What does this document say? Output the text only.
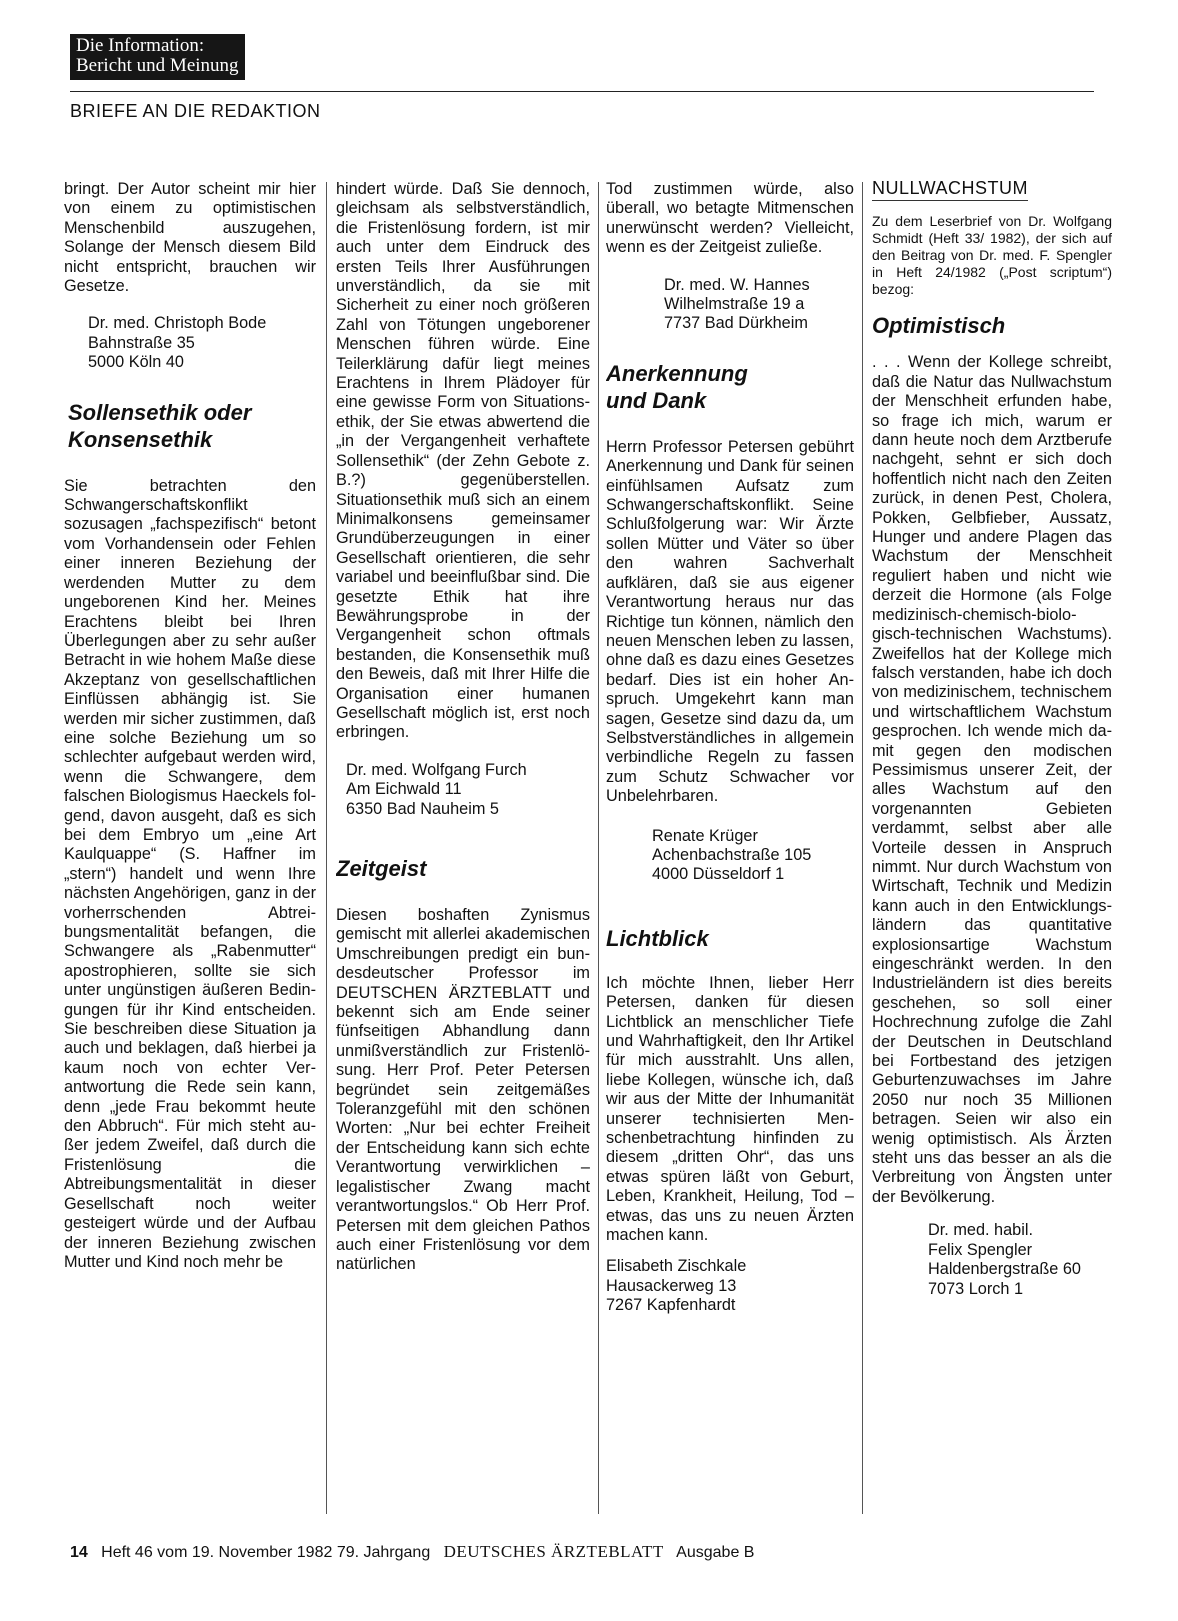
Die Information:
Bericht und Meinung
BRIEFE AN DIE REDAKTION

bringt. Der Autor scheint mir hier von einem zu optimistischen Menschenbild auszugehen, Solange der Mensch diesem Bild nicht entspricht, brauchen wir Gesetze.

Dr. med. Christoph Bode
Bahnstraße 35
5000 Köln 40
Sollensethik oder Konsensethik

Sie betrachten den Schwangerschaftskonflikt sozusagen „fachspezifisch“ betont vom Vorhandensein oder Fehlen einer inneren Beziehung der werdenden Mutter zu dem ungeborenen Kind her. Meines Erachtens bleibt bei Ihren Überlegungen aber zu sehr außer Betracht in wie hohem Maße diese Akzeptanz von gesellschaftlichen Einflüssen abhängig ist. Sie werden mir sicher zustimmen, daß eine solche Beziehung um so schlechter aufgebaut werden wird, wenn die Schwangere, dem falschen Biologismus Haeckels folgend, davon ausgeht, daß es sich bei dem Embryo um „eine Art Kaulquappe“ (S. Haffner im „stern“) handelt und wenn Ihre nächsten Angehörigen, ganz in der vorherrschenden Abtreibungsmentalität befangen, die Schwangere als „Rabenmutter“ apostrophieren, sollte sie sich unter ungünstigen äußeren Bedingungen für ihr Kind entscheiden. Sie beschreiben diese Situation ja auch und beklagen, daß hierbei ja kaum noch von echter Verantwortung die Rede sein kann, denn „jede Frau bekommt heute den Abbruch“. Für mich steht außer jedem Zweifel, daß durch die Fristenlösung die Abtreibungsmentalität in dieser Gesellschaft noch weiter gesteigert würde und der Aufbau der inneren Beziehung zwischen Mutter und Kind noch mehr be

hindert würde. Daß Sie dennoch, gleichsam als selbstverständlich, die Fristenlösung fordern, ist mir auch unter dem Eindruck des ersten Teils Ihrer Ausführungen unverständlich, da sie mit Sicherheit zu einer noch größeren Zahl von Tötungen ungeborener Menschen führen würde. Eine Teilerklärung dafür liegt meines Erachtens in Ihrem Plädoyer für eine gewisse Form von Situationsethik, der Sie etwas abwertend die „in der Vergangenheit verhaftete Sollensethik“ (der Zehn Gebote z. B.?) gegenüberstellen. Situationsethik muß sich an einem Minimalkonsens gemeinsamer Grundüberzeugungen in einer Gesellschaft orientieren, die sehr variabel und beeinflußbar sind. Die gesetzte Ethik hat ihre Bewährungsprobe in der Vergangenheit schon oftmals bestanden, die Konsensethik muß den Beweis, daß mit Ihrer Hilfe die Organisation einer humanen Gesellschaft möglich ist, erst noch erbringen.

Dr. med. Wolfgang Furch
Am Eichwald 11
6350 Bad Nauheim 5
Zeitgeist

Diesen boshaften Zynismus gemischt mit allerlei akademischen Umschreibungen predigt ein bundesdeutscher Professor im DEUTSCHEN ÄRZTEBLATT und bekennt sich am Ende seiner fünfseitigen Abhandlung dann unmißverständlich zur Fristenlösung. Herr Prof. Peter Petersen begründet sein zeitgemäßes Toleranzgefühl mit den schönen Worten: „Nur bei echter Freiheit der Entscheidung kann sich echte Verantwortung verwirklichen – legalistischer Zwang macht verantwortungslos.“ Ob Herr Prof. Petersen mit dem gleichen Pathos auch einer Fristenlösung vor dem natürlichen

Tod zustimmen würde, also überall, wo betagte Mitmenschen unerwünscht werden? Vielleicht, wenn es der Zeitgeist zuließe.

Dr. med. W. Hannes
Wilhelmstraße 19 a
7737 Bad Dürkheim
Anerkennung und Dank

Herrn Professor Petersen gebührt Anerkennung und Dank für seinen einfühlsamen Aufsatz zum Schwangerschaftskonflikt. Seine Schlußfolgerung war: Wir Ärzte sollen Mütter und Väter so über den wahren Sachverhalt aufklären, daß sie aus eigener Verantwortung heraus nur das Richtige tun können, nämlich den neuen Menschen leben zu lassen, ohne daß es dazu eines Gesetzes bedarf. Dies ist ein hoher Anspruch. Umgekehrt kann man sagen, Gesetze sind dazu da, um Selbstverständliches in allgemein verbindliche Regeln zu fassen zum Schutz Schwacher vor Unbelehrbaren.

Renate Krüger
Achenbachstraße 105
4000 Düsseldorf 1
Lichtblick

Ich möchte Ihnen, lieber Herr Petersen, danken für diesen Lichtblick an menschlicher Tiefe und Wahrhaftigkeit, den Ihr Artikel für mich ausstrahlt. Uns allen, liebe Kollegen, wünsche ich, daß wir aus der Mitte der Inhumanität unserer technisierten Menschenbetrachtung hinfinden zu diesem „dritten Ohr“, das uns etwas spüren läßt von Geburt, Leben, Krankheit, Heilung, Tod – etwas, das uns zu neuen Ärzten machen kann.

Elisabeth Zischkale
Hausackerweg 13
7267 Kapfenhardt
NULLWACHSTUM

Zu dem Leserbrief von Dr. Wolfgang Schmidt (Heft 33/ 1982), der sich auf den Beitrag von Dr. med. F. Spengler in Heft 24/1982 („Post scriptum“) bezog:

Optimistisch

. . . Wenn der Kollege schreibt, daß die Natur das Nullwachstum der Menschheit erfunden habe, so frage ich mich, warum er dann heute noch dem Arztberufe nachgeht, sehnt er sich doch hoffentlich nicht nach den Zeiten zurück, in denen Pest, Cholera, Pokken, Gelbfieber, Aussatz, Hunger und andere Plagen das Wachstum der Menschheit reguliert haben und nicht wie derzeit die Hormone (als Folge medizinisch-chemisch-biologisch-technischen Wachstums). Zweifellos hat der Kollege mich falsch verstanden, habe ich doch von medizinischem, technischem und wirtschaftlichem Wachstum gesprochen. Ich wende mich damit gegen den modischen Pessimismus unserer Zeit, der alles Wachstum auf den vorgenannten Gebieten verdammt, selbst aber alle Vorteile dessen in Anspruch nimmt. Nur durch Wachstum von Wirtschaft, Technik und Medizin kann auch in den Entwicklungsländern das quantitative explosionsartige Wachstum eingeschränkt werden. In den Industrieländern ist dies bereits geschehen, so soll einer Hochrechnung zufolge die Zahl der Deutschen in Deutschland bei Fortbestand des jetzigen Geburtenzuwachses im Jahre 2050 nur noch 35 Millionen betragen. Seien wir also ein wenig optimistisch. Als Ärzten steht uns das besser an als die Verbreitung von Ängsten unter der Bevölkerung.

Dr. med. habil.
Felix Spengler
Haldenbergstraße 60
7073 Lorch 1
14 Heft 46 vom 19. November 1982 79. Jahrgang DEUTSCHES ÄRZTEBLATT Ausgabe B
